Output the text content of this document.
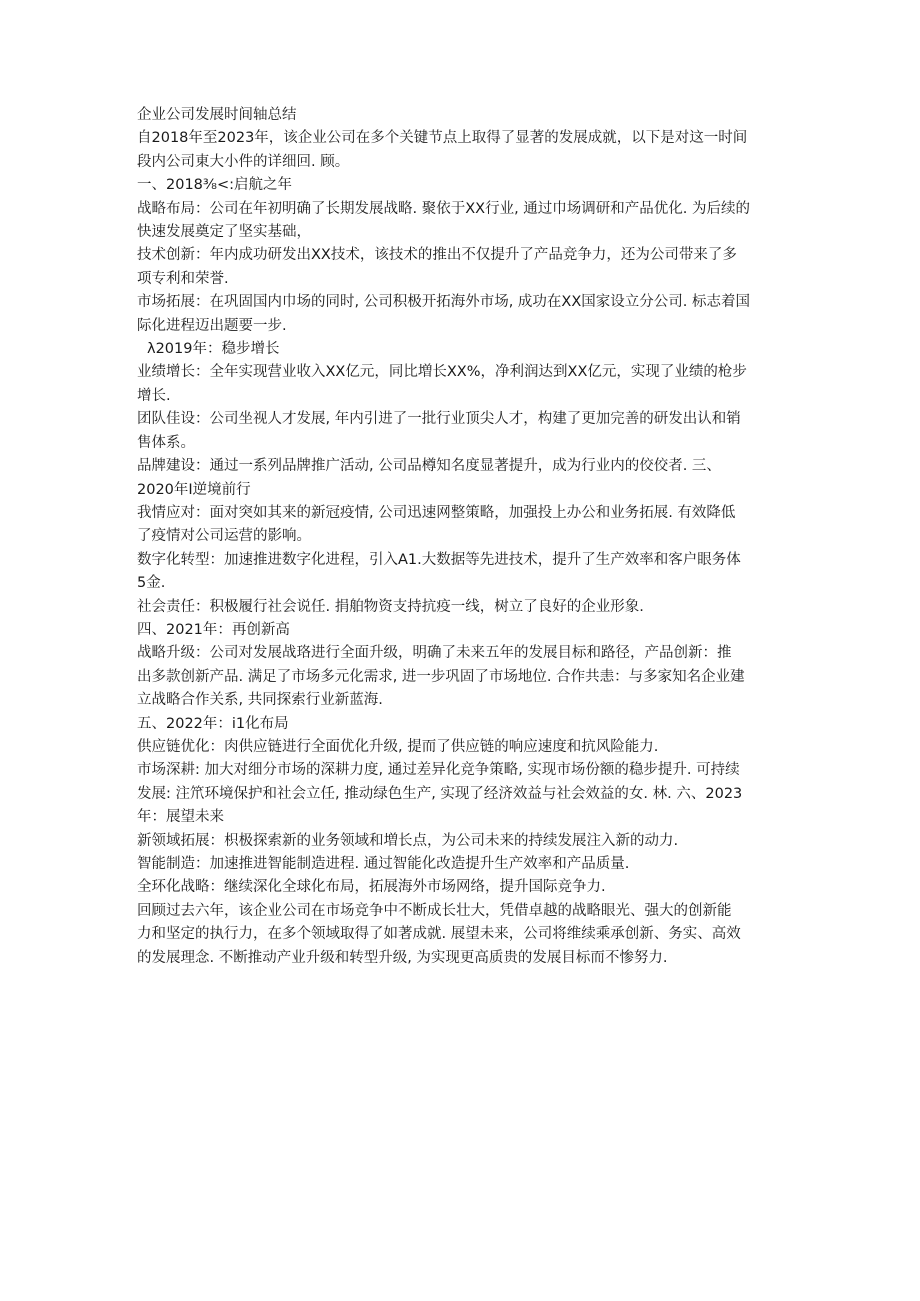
企业公司发展时间轴总结

自2018年至2023年，该企业公司在多个关键节点上取得了显著的发展成就，以下是对这一时间

段内公司東大小件的详细回. 顾。

一、2018⅜<:启航之年

战略布局：公司在年初明确了长期发展战略. 聚依于XX行业, 通过巾场调研和产品优化. 为后续的

快速发展奠定了坚实基础，

技术创新：年内成功研发出XX技术，该技术的推出不仅提升了产品竞争力，还为公司带来了多

项专利和荣誉.

市场拓展：在巩固国内巾场的同时, 公司积极开拓海外市场, 成功在XX国家设立分公司. 标志着国

际化进程迈出题要一步.

λ2019年：稳步增长

业绩增长：全年实现营业收入XX亿元，同比増长XX%，净利润达到XX亿元，实现了业绩的枪步

增长.

团队佳设：公司坐视人才发展, 年内引进了一批行业顶尖人才，构建了更加完善的研发出认和销

售体系。

品牌建设：通过一系列品牌推广活动, 公司品樽知名度显著提升，成为行业内的佼佼者. 三、

2020年I逆境前行

我情应对：面对突如其来的新冠疫情, 公司迅速网整策略，加强投上办公和业务拓展. 有效降低

了疫情对公司运营的影响。

数字化转型：加速推进数字化进程，引入A1.大数据等先进技术，提升了生产效率和客户眼务体

5金.

社会责任：积极履行社会说任. 捐舶物资支持抗疫一线，树立了良好的企业形象.

四、2021年：再创新高

战略升级：公司对发展战珞进行全面升级，明确了未来五年的发展目标和路径，产品创新：推

出多款创新产品. 满足了市场多元化需求, 进一步巩固了市场地位. 合作共恚：与多家知名企业建

立战略合作关系, 共同探索行业新蓝海.

五、2022年：i1化布局

供应链优化：肉供应链进行全面优化升级, 提而了供应链的响应速度和抗风险能力.

市场深耕: 加大对细分市场的深耕力度, 通过差异化竞争策略, 实现市场份额的稳步提升. 可持续

发展: 注笊环境保护和社会立任, 推动绿色生产, 实现了经济效益与社会效益的女. 林. 六、2023

年：展望未来

新领域拓展：枳极探索新的业务领域和増长点，为公司未来的持续发展注入新的动力.

智能制造：加速推进智能制造进程. 通过智能化改造提升生产效率和产品质量.

全环化战略：继续深化全球化布局，拓展海外市场网络，提升国际竞争力.

回顾过去六年，该企业公司在市场竞争中不断成长壮大，凭借卓越的战略眼光、强大的创新能

力和坚定的执行力，在多个领域取得了如著成就. 展望未来，公司将维续乘承创新、务实、高效

的发展理念. 不断推动产业升级和转型升级, 为实现更高质贵的发展目标而不惨努力.
